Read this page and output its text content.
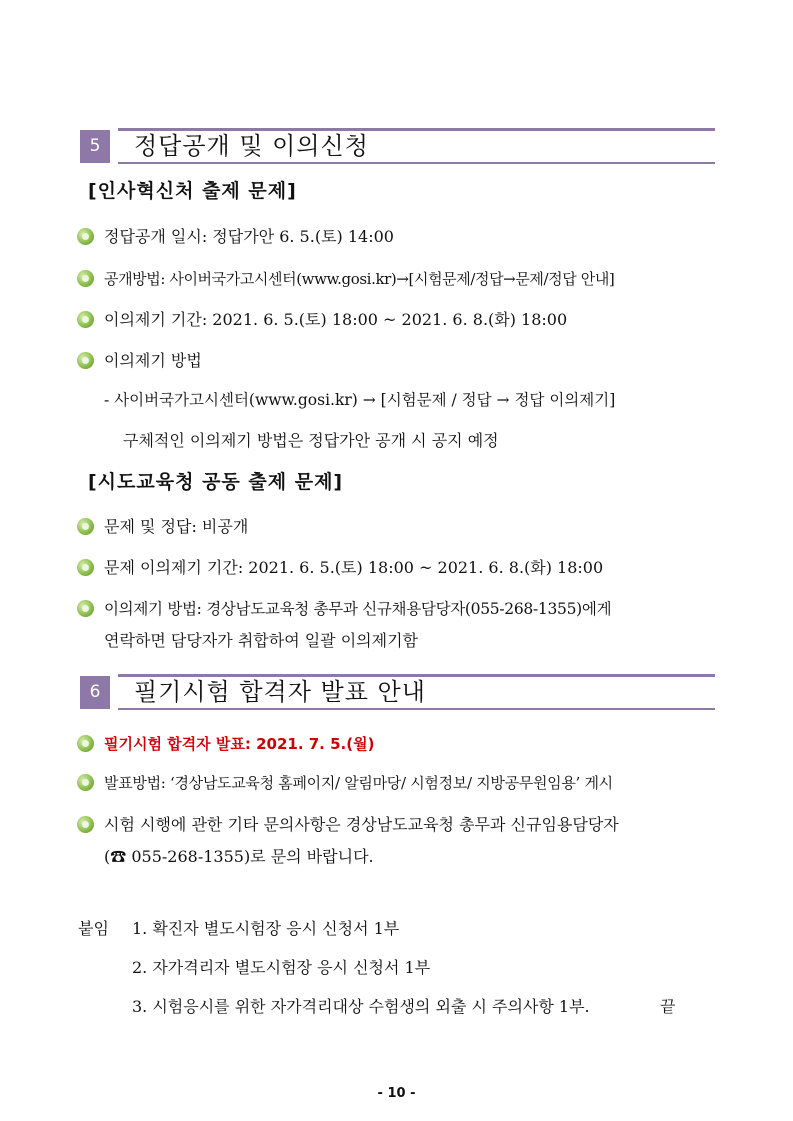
5	정답공개 및 이의신청
[인사혁신처 출제 문제]
정답공개 일시: 정답가안 6. 5.(토) 14:00
공개방법: 사이버국가고시센터(www.gosi.kr)→[시험문제/정답→문제/정답 안내]
이의제기 기간: 2021. 6. 5.(토) 18:00 ~ 2021. 6. 8.(화) 18:00
이의제기 방법
- 사이버국가고시센터(www.gosi.kr) → [시험문제 / 정답 → 정답 이의제기]
구체적인 이의제기 방법은 정답가안 공개 시 공지 예정
[시도교육청 공동 출제 문제]
문제 및 정답: 비공개
문제 이의제기 기간: 2021. 6. 5.(토) 18:00 ~ 2021. 6. 8.(화) 18:00
이의제기 방법: 경상남도교육청 총무과 신규채용담당자(055-268-1355)에게
연락하면 담당자가 취합하여 일괄 이의제기함
6	필기시험 합격자 발표 안내
필기시험 합격자 발표: 2021. 7. 5.(월)
발표방법: ‘경상남도교육청 홈페이지/ 알림마당/ 시험정보/ 지방공무원임용’ 게시
시험 시행에 관한 기타 문의사항은 경상남도교육청 총무과 신규임용담당자
(☎ 055-268-1355)로 문의 바랍니다.
붙임 1. 확진자 별도시험장 응시 신청서 1부
2. 자가격리자 별도시험장 응시 신청서 1부
3. 시험응시를 위한 자가격리대상 수험생의 외출 시 주의사항 1부.	끝
- 10 -
